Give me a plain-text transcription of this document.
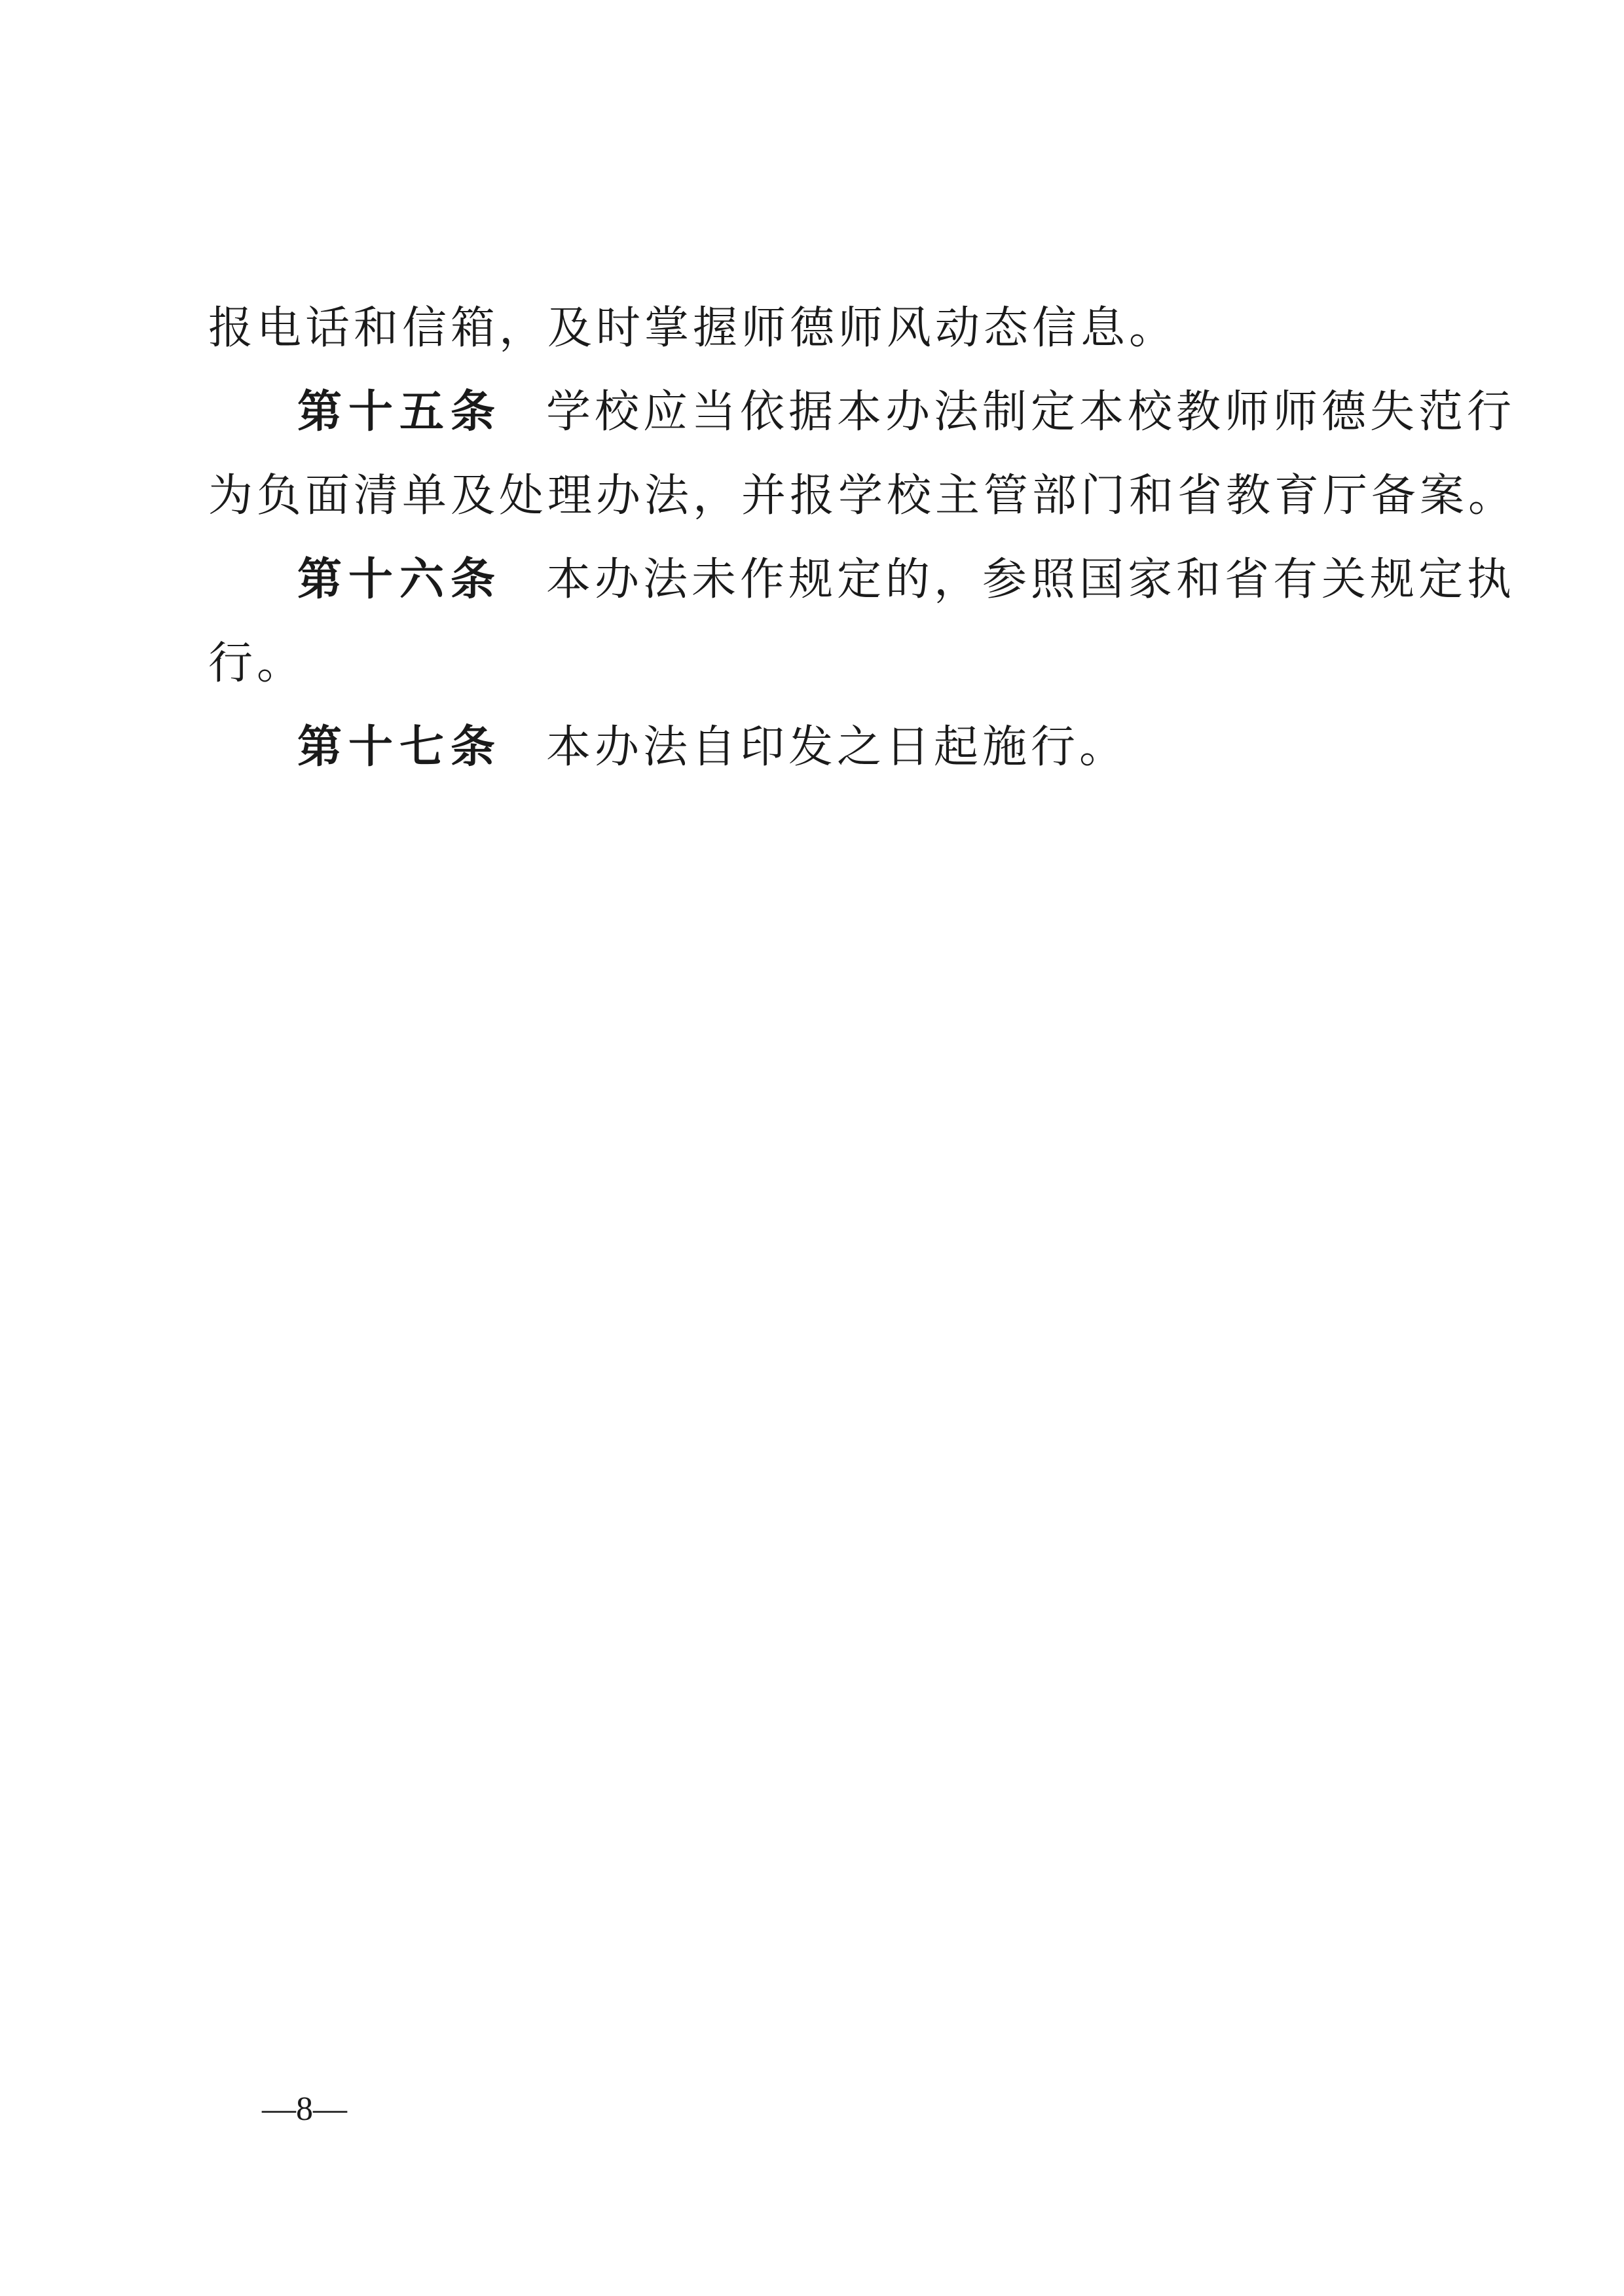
报电话和信箱，及时掌握师德师风动态信息。
第十五条 学校应当依据本办法制定本校教师师德失范行
为负面清单及处理办法，并报学校主管部门和省教育厅备案。
第十六条 本办法未作规定的，参照国家和省有关规定执
行。
第十七条 本办法自印发之日起施行。
—8—
